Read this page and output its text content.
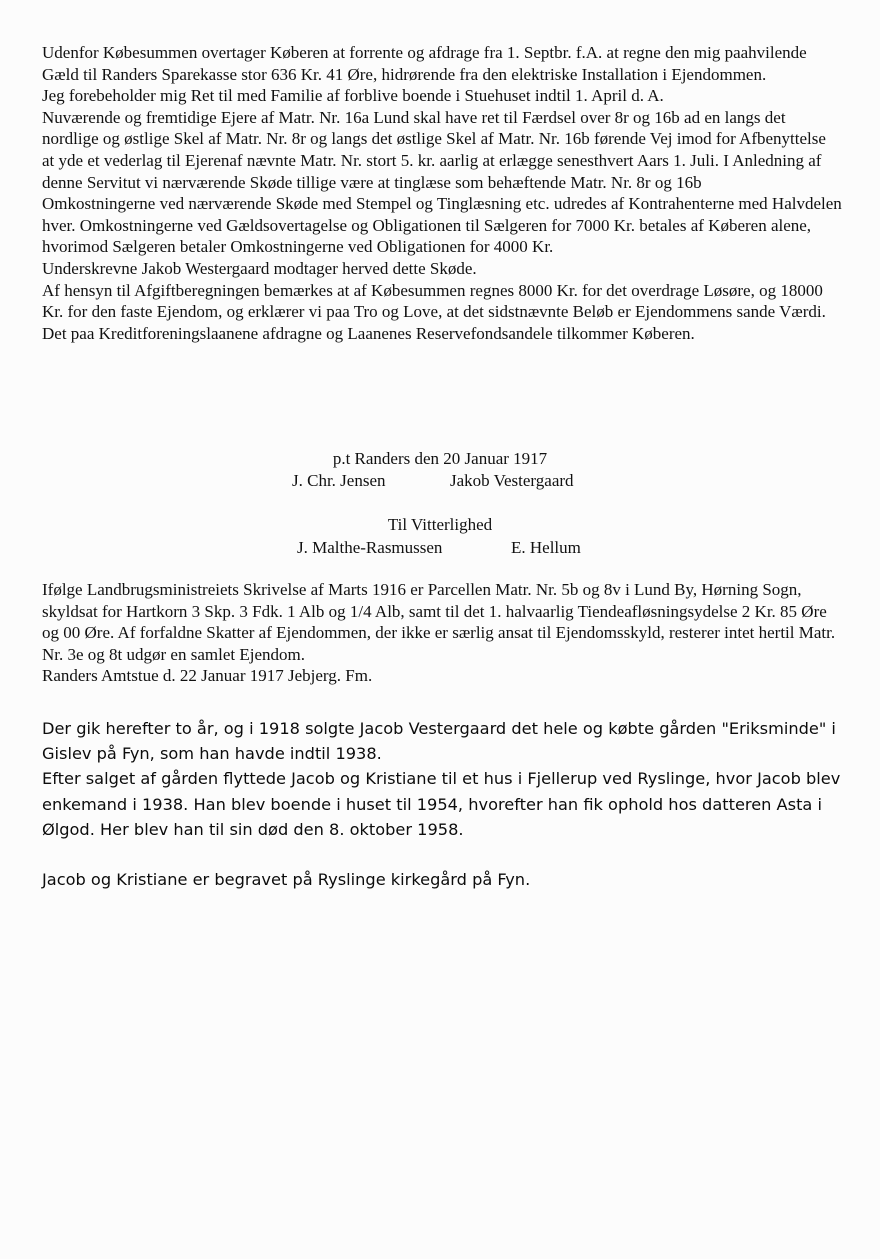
Udenfor Købesummen overtager Køberen at forrente og afdrage fra 1. Septbr. f.A. at regne den mig paahvilende Gæld til Randers Sparekasse stor 636 Kr. 41 Øre, hidrørende fra den elektriske Installation i Ejendommen.

Jeg forebeholder mig Ret til med Familie af forblive boende i Stuehuset indtil 1. April d. A.

Nuværende og fremtidige Ejere af Matr. Nr. 16a Lund skal have ret til Færdsel over 8r og 16b ad en langs det nordlige og østlige Skel af Matr. Nr. 8r og langs det østlige Skel af Matr. Nr. 16b førende Vej imod for Afbenyttelse at yde et vederlag til Ejerenaf nævnte Matr. Nr. stort 5. kr. aarlig at erlægge senesthvert Aars 1. Juli. I Anledning af denne Servitut vi nærværende Skøde tillige være at tinglæse som behæftende Matr. Nr. 8r og 16b

Omkostningerne ved nærværende Skøde med Stempel og Tinglæsning etc. udredes af Kontrahenterne med Halvdelen hver. Omkostningerne ved Gældsovertagelse og Obligationen til Sælgeren for 7000 Kr. betales af Køberen alene, hvorimod Sælgeren betaler Omkostningerne ved Obligationen for 4000 Kr.

Underskrevne Jakob Westergaard modtager herved dette Skøde.

Af hensyn til Afgiftberegningen bemærkes at af Købesummen regnes 8000 Kr. for det overdrage Løsøre, og 18000 Kr. for den faste Ejendom, og erklærer vi paa Tro og Love, at det sidstnævnte Beløb er Ejendommens sande Værdi.

Det paa Kreditforeningslaanene afdragne og Laanenes Reservefondsandele tilkommer Køberen.

p.t Randers den 20 Januar 1917
J. Chr. Jensen	Jakob Vestergaard
Til Vitterlighed
J. Malthe-Rasmussen	E. Hellum

Ifølge Landbrugsministreiets Skrivelse af Marts 1916 er Parcellen Matr. Nr. 5b og 8v i Lund By, Hørning Sogn, skyldsat for Hartkorn 3 Skp. 3 Fdk. 1 Alb og 1/4 Alb, samt til det 1. halvaarlig Tiendeafløsningsydelse 2 Kr. 85 Øre og 00 Øre. Af forfaldne Skatter af Ejendommen, der ikke er særlig ansat til Ejendomsskyld, resterer intet hertil Matr. Nr. 3e og 8t udgør en samlet Ejendom.

Randers Amtstue d. 22 Januar 1917 Jebjerg. Fm.

Der gik herefter to år, og i 1918 solgte Jacob Vestergaard det hele og købte gården "Eriksminde" i Gislev på Fyn, som han havde indtil 1938.

Efter salget af gården flyttede Jacob og Kristiane til et hus i Fjellerup ved Ryslinge, hvor Jacob blev enkemand i 1938. Han blev boende i huset til 1954, hvorefter han fik ophold hos datteren Asta i Ølgod. Her blev han til sin død den 8. oktober 1958.

Jacob og Kristiane er begravet på Ryslinge kirkegård på Fyn.
